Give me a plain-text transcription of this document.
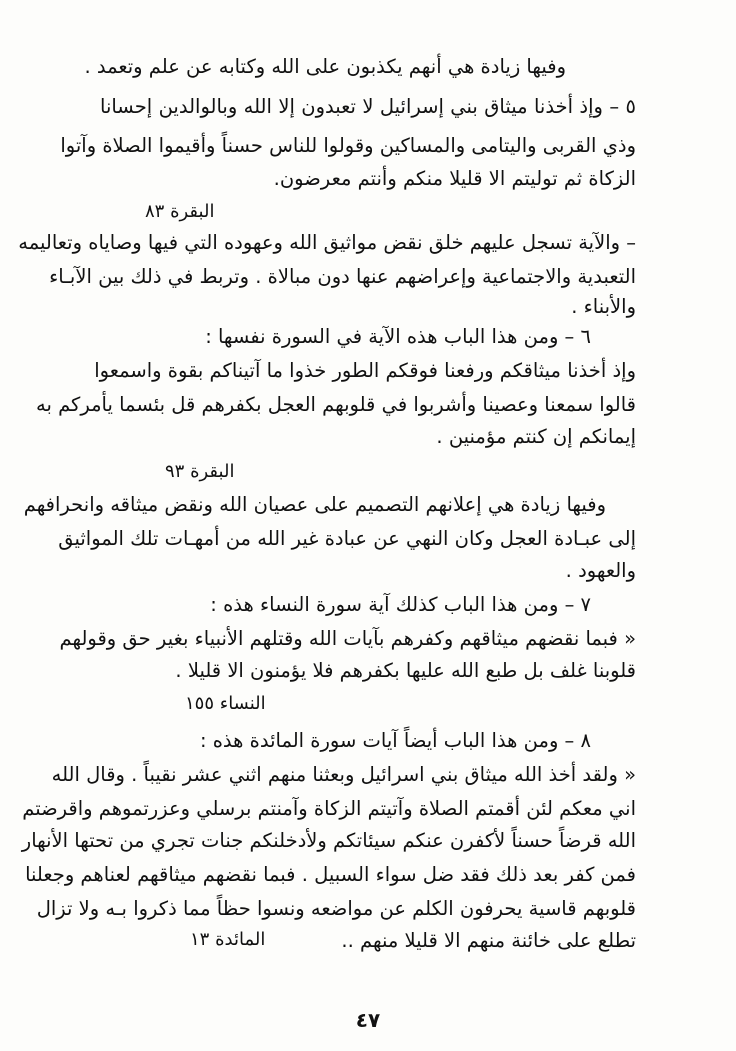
وفيها زيادة هي أنهم يكذبون على الله وكتابه عن علم وتعمد .
٥ – وإذ أخذنا ميثاق بني إسرائيل لا تعبدون إلا الله وبالوالدين إحسانا
وذي القربى واليتامى والمساكين وقولوا للناس حسناً وأقيموا الصلاة وآتوا
الزكاة ثم توليتم الا قليلا منكم وأنتم معرضون.
البقرة ٨٣
– والآية تسجل عليهم خلق نقض مواثيق الله وعهوده التي فيها وصاياه وتعاليمه
التعبدية والاجتماعية وإعراضهم عنها دون مبالاة . وتربط في ذلك بين الآبـاء
والأبناء .
٦ – ومن هذا الباب هذه الآية في السورة نفسها :
وإذ أخذنا ميثاقكم ورفعنا فوقكم الطور خذوا ما آتيناكم بقوة واسمعوا
قالوا سمعنا وعصينا وأشربوا في قلوبهم العجل بكفرهم قل بئسما يأمركم به
إيمانكم إن كنتم مؤمنين .
البقرة ٩٣
وفيها زيادة هي إعلانهم التصميم على عصيان الله ونقض ميثاقه وانحرافهم
إلى عبـادة العجل وكان النهي عن عبادة غير الله من أمهـات تلك المواثيق
والعهود .
٧ – ومن هذا الباب كذلك آية سورة النساء هذه :
« فبما نقضهم ميثاقهم وكفرهم بآيات الله وقتلهم الأنبياء بغير حق وقولهم
قلوبنا غلف بل طبع الله عليها بكفرهم فلا يؤمنون الا قليلا .
النساء ١٥٥
٨ – ومن هذا الباب أيضاً آيات سورة المائدة هذه :
« ولقد أخذ الله ميثاق بني اسرائيل وبعثنا منهم اثني عشر نقيباً . وقال الله
اني معكم لئن أقمتم الصلاة وآتيتم الزكاة وآمنتم برسلي وعزرتموهم واقرضتم
الله قرضاً حسناً لأكفرن عنكم سيئاتكم ولأدخلنكم جنات تجري من تحتها الأنهار
فمن كفر بعد ذلك فقد ضل سواء السبيل . فبما نقضهم ميثاقهم لعناهم وجعلنا
قلوبهم قاسية يحرفون الكلم عن مواضعه ونسوا حظاً مما ذكروا بـه ولا تزال
تطلع على خائنة منهم الا قليلا منهم ..
المائدة ١٣
٤٧
